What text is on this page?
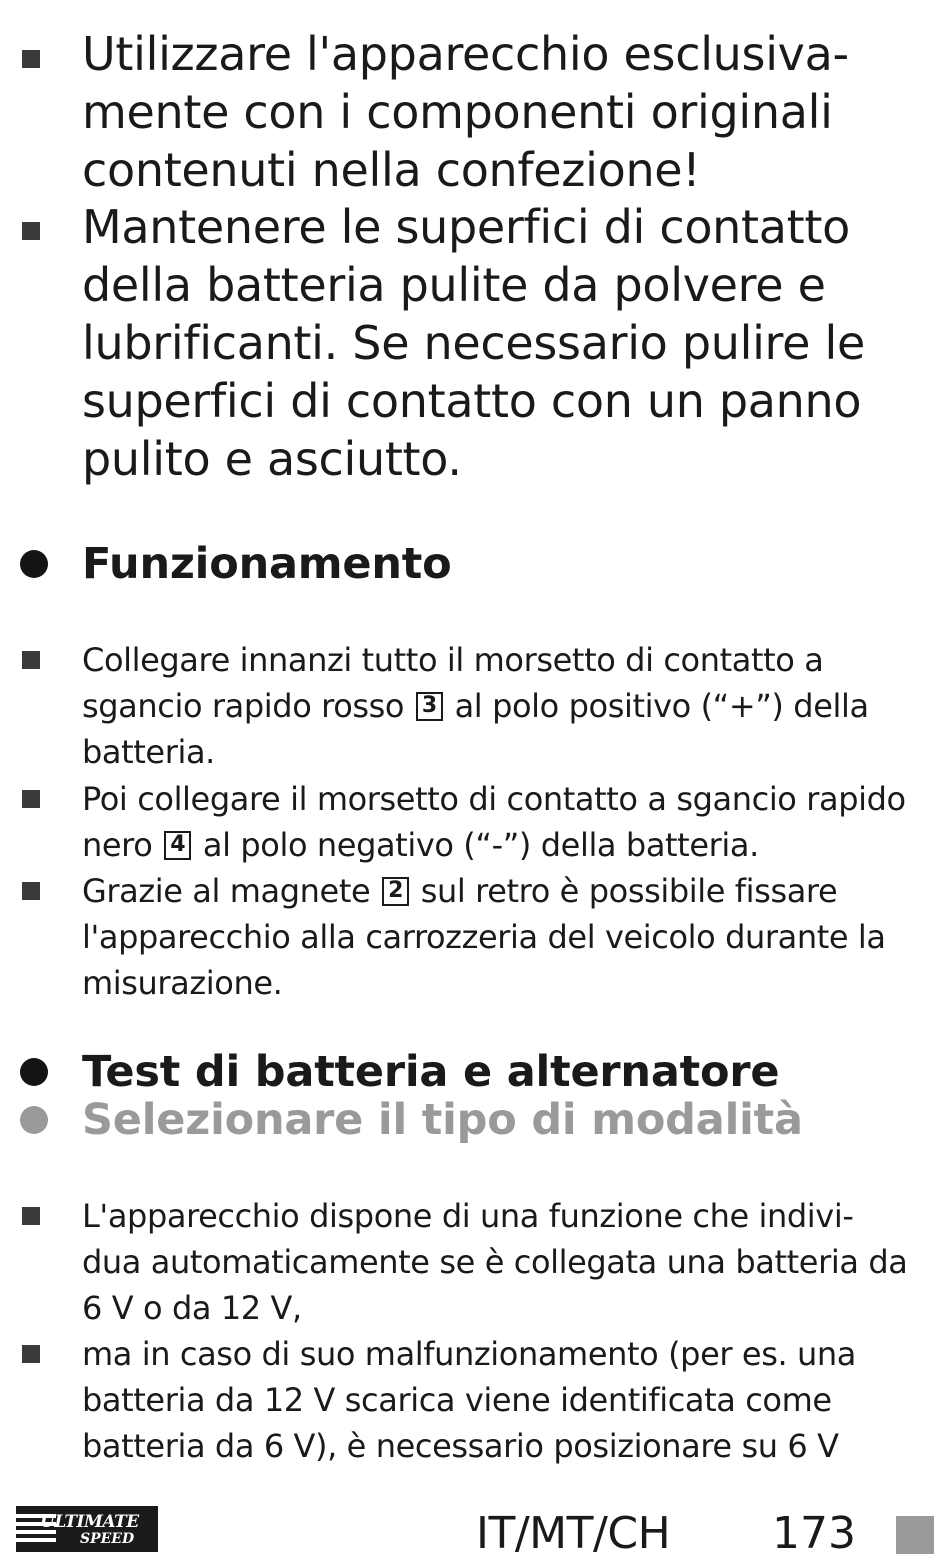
Utilizzare l'apparecchio esclusiva-
mente con i componenti originali
contenuti nella confezione!
Mantenere le superfici di contatto
della batteria pulite da polvere e
lubrificanti. Se necessario pulire le
superfici di contatto con un panno
pulito e asciutto.
Funzionamento
Collegare innanzi tutto il morsetto di contatto a
sgancio rapido rosso 3 al polo positivo (“+”) della
batteria.
Poi collegare il morsetto di contatto a sgancio rapido
nero 4 al polo negativo (“-”) della batteria.
Grazie al magnete 2 sul retro è possibile fissare
l'apparecchio alla carrozzeria del veicolo durante la
misurazione.
Test di batteria e alternatore
Selezionare il tipo di modalità
L'apparecchio dispone di una funzione che indivi-
dua automaticamente se è collegata una batteria da
6 V o da 12 V,
ma in caso di suo malfunzionamento (per es. una
batteria da 12 V scarica viene identificata come
batteria da 6 V), è necessario posizionare su 6 V
ULTIMATE
SPEED	IT/MT/CH 173
